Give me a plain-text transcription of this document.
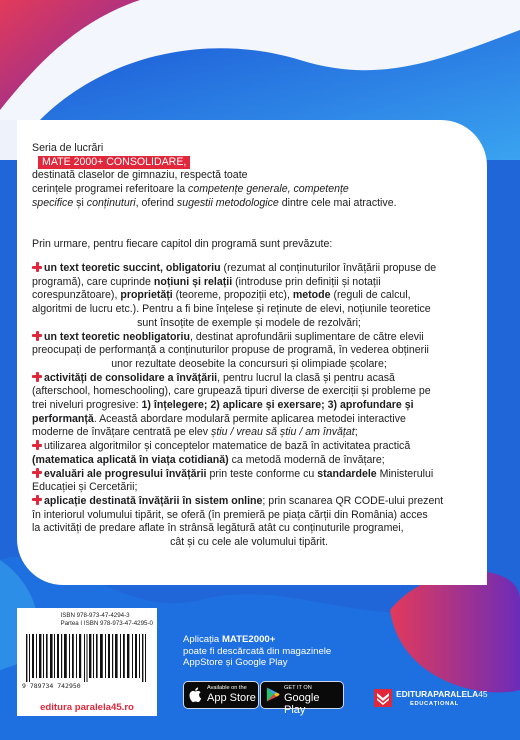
Seria de lucrări
MATE 2000+ CONSOLIDARE,
destinată claselor de gimnaziu, respectă toate
cerințele programei referitoare la competențe generale, competențe
specifice și conținuturi, oferind sugestii metodologice dintre cele mai atractive.
Prin urmare, pentru fiecare capitol din programă sunt prevăzute:
un text teoretic succint, obligatoriu (rezumat al conținuturilor învățării propuse de
programă), care cuprinde noțiuni și relații (introduse prin definiții și notații
corespunzătoare), proprietăți (teoreme, propoziții etc), metode (reguli de calcul,
algoritmi de lucru etc.). Pentru a fi bine înțelese și reținute de elevi, noțiunile teoretice
sunt însoțite de exemple și modele de rezolvări;
un text teoretic neobligatoriu, destinat aprofundării suplimentare de către elevii
preocupați de performanță a conținuturilor propuse de programă, în vederea obținerii
unor rezultate deosebite la concursuri și olimpiade școlare;
activități de consolidare a învățării, pentru lucrul la clasă și pentru acasă
(afterschool, homeschooling), care grupează tipuri diverse de exerciții și probleme pe
trei niveluri progresive: 1) înțelegere; 2) aplicare și exersare; 3) aprofundare și
performanță. Această abordare modulară permite aplicarea metodei interactive
moderne de învățare centrată pe elev știu / vreau să știu / am învățat;
utilizarea algoritmilor și conceptelor matematice de bază în activitatea practică
(matematica aplicată în viața cotidiană) ca metodă modernă de învățare;
evaluări ale progresului învățării prin teste conforme cu standardele Ministerului
Educației și Cercetării;
aplicație destinată învățării în sistem online; prin scanarea QR CODE-ului prezent
în interiorul volumului tipărit, se oferă (în premieră pe piața cărții din România) acces
la activități de predare aflate în strânsă legătură atât cu conținuturile programei,
cât și cu cele ale volumului tipărit.
ISBN 978-973-47-4294-3
Partea I ISBN 978-973-47-4295-0
9 789734 742950
editura paralela45.ro
Aplicația MATE2000+
poate fi descărcată din magazinele
AppStore și Google Play
Available on the
App Store
GET IT ON
Google Play
EDITURAPARALELA45
EDUCAȚIONAL
